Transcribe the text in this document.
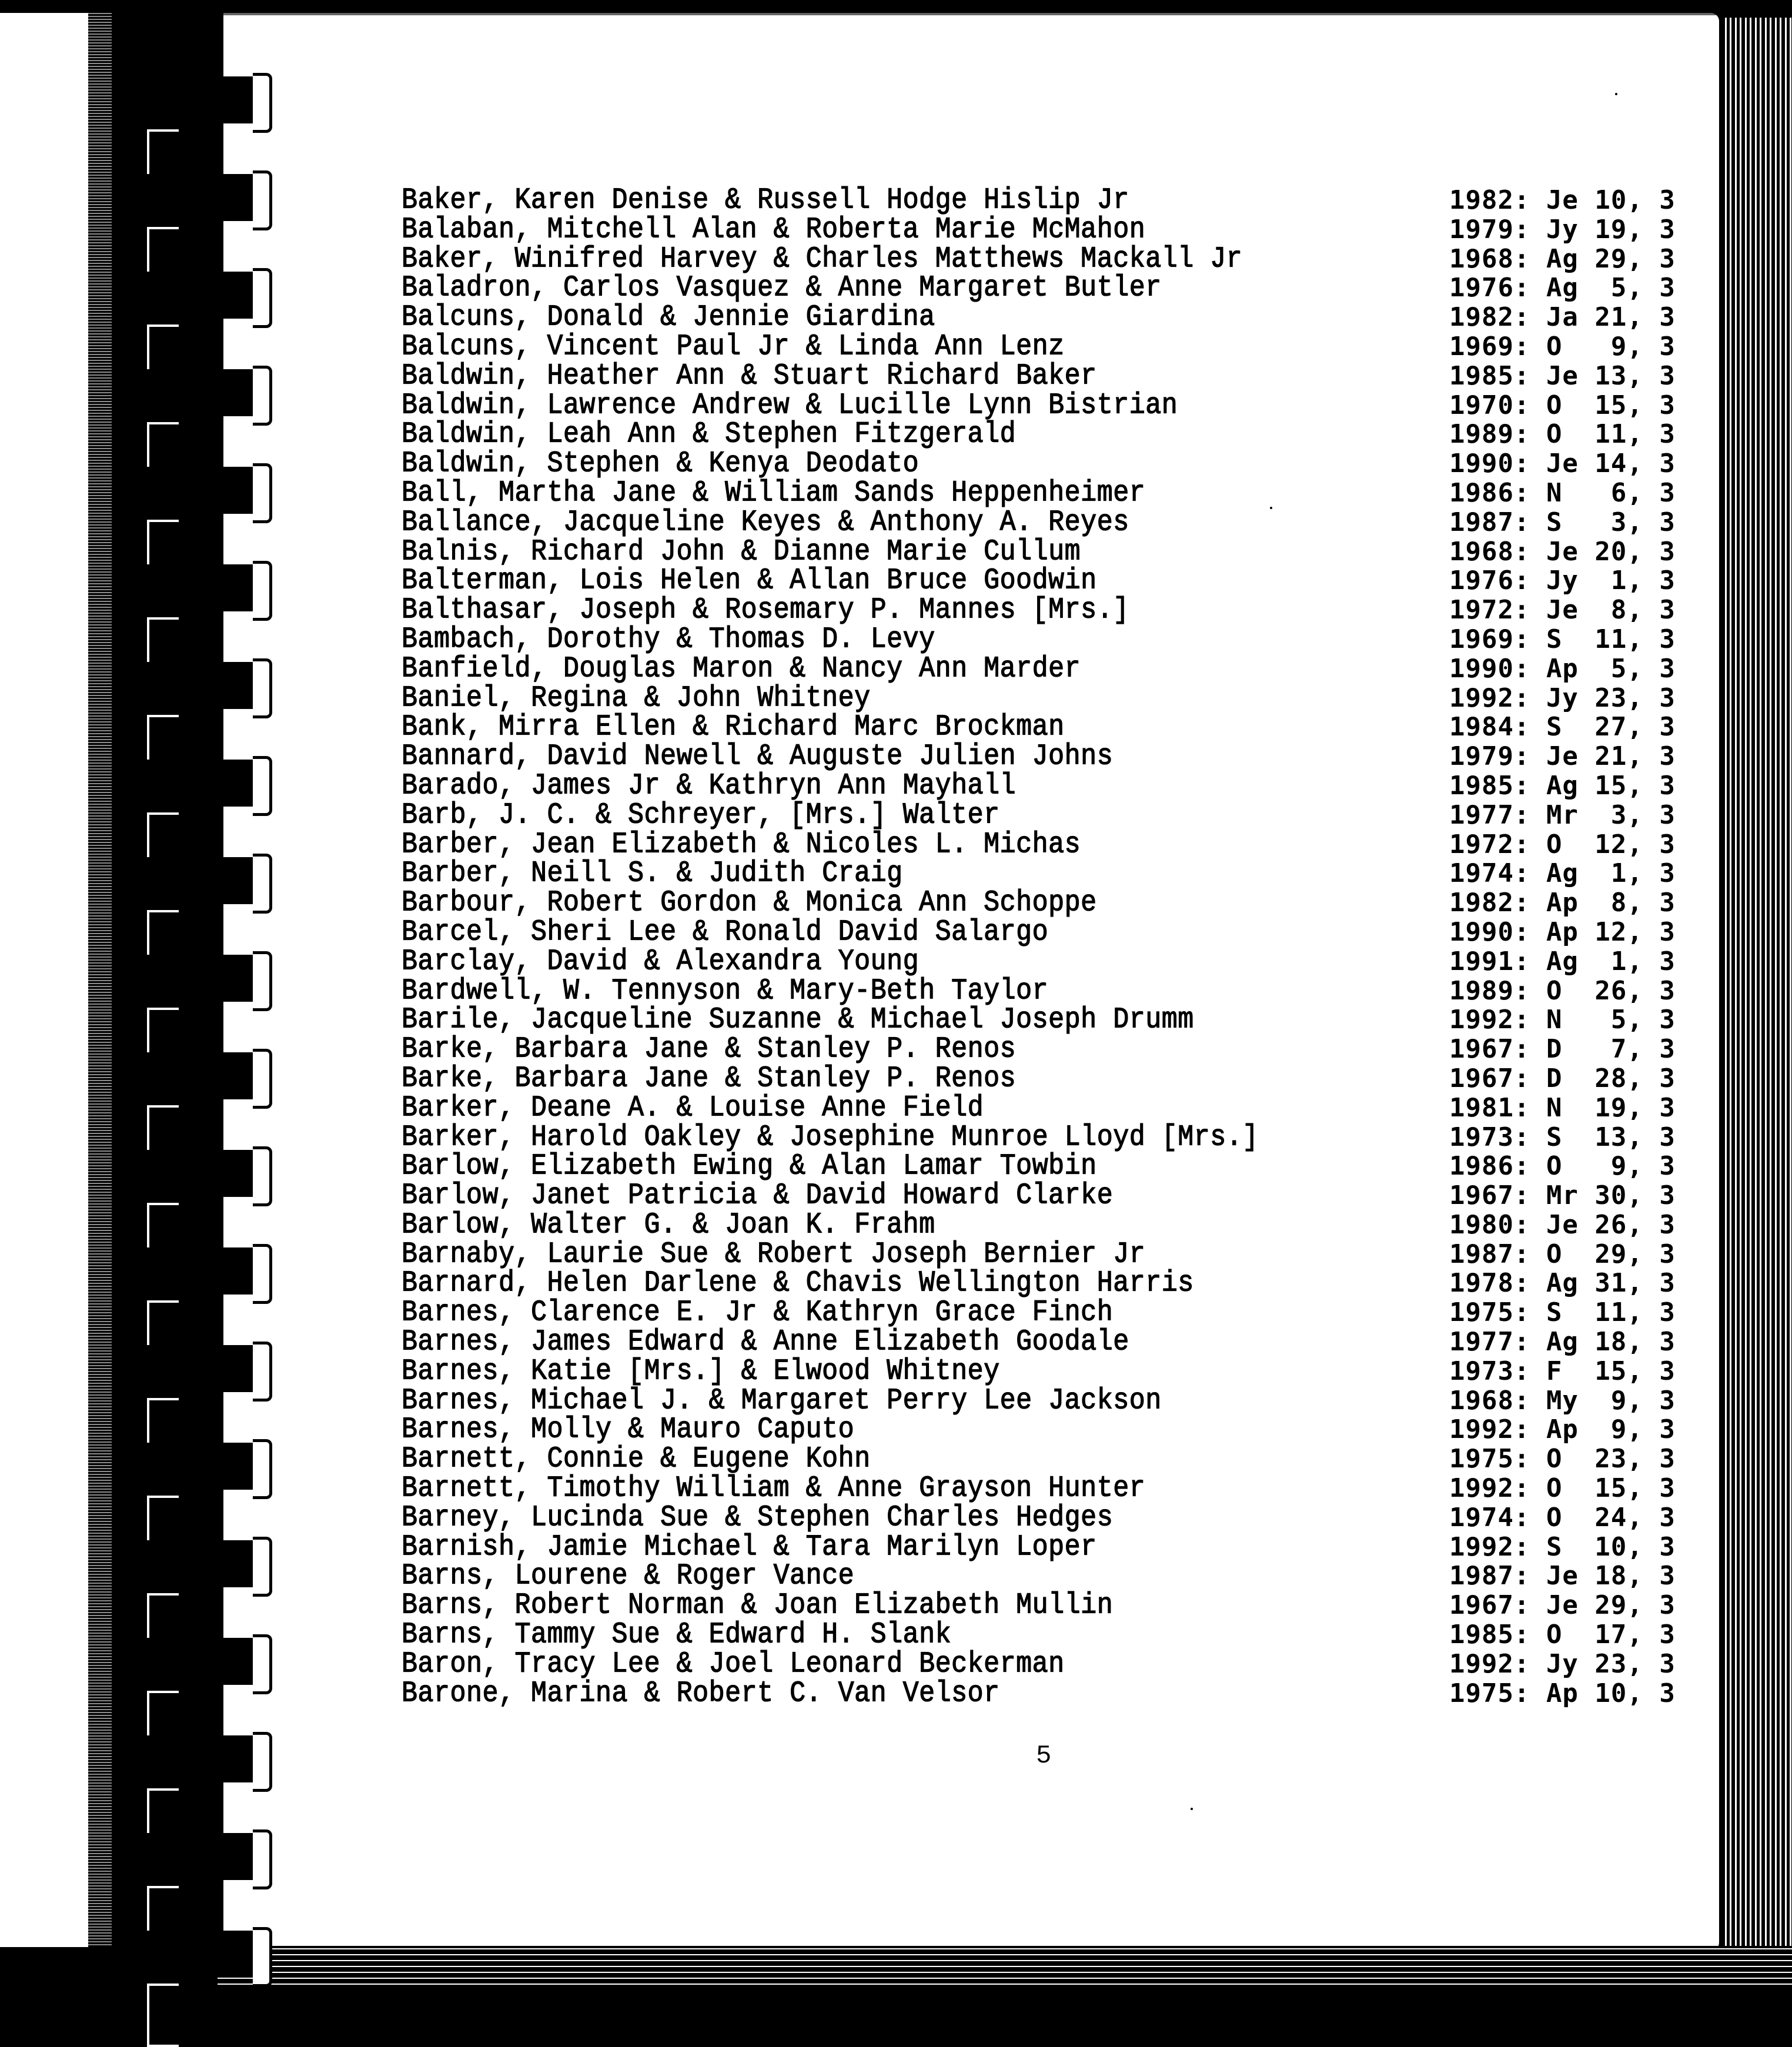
Baker, Karen Denise & Russell Hodge Hislip Jr	1982: Je 10, 3
Balaban, Mitchell Alan & Roberta Marie McMahon	1979: Jy 19, 3
Baker, Winifred Harvey & Charles Matthews Mackall Jr	1968: Ag 29, 3
Baladron, Carlos Vasquez & Anne Margaret Butler	1976: Ag  5, 3
Balcuns, Donald & Jennie Giardina	1982: Ja 21, 3
Balcuns, Vincent Paul Jr & Linda Ann Lenz	1969: O   9, 3
Baldwin, Heather Ann & Stuart Richard Baker	1985: Je 13, 3
Baldwin, Lawrence Andrew & Lucille Lynn Bistrian	1970: O  15, 3
Baldwin, Leah Ann & Stephen Fitzgerald	1989: O  11, 3
Baldwin, Stephen & Kenya Deodato	1990: Je 14, 3
Ball, Martha Jane & William Sands Heppenheimer	1986: N   6, 3
Ballance, Jacqueline Keyes & Anthony A. Reyes	1987: S   3, 3
Balnis, Richard John & Dianne Marie Cullum	1968: Je 20, 3
Balterman, Lois Helen & Allan Bruce Goodwin	1976: Jy  1, 3
Balthasar, Joseph & Rosemary P. Mannes [Mrs.]	1972: Je  8, 3
Bambach, Dorothy & Thomas D. Levy	1969: S  11, 3
Banfield, Douglas Maron & Nancy Ann Marder	1990: Ap  5, 3
Baniel, Regina & John Whitney	1992: Jy 23, 3
Bank, Mirra Ellen & Richard Marc Brockman	1984: S  27, 3
Bannard, David Newell & Auguste Julien Johns	1979: Je 21, 3
Barado, James Jr & Kathryn Ann Mayhall	1985: Ag 15, 3
Barb, J. C. & Schreyer, [Mrs.] Walter	1977: Mr  3, 3
Barber, Jean Elizabeth & Nicoles L. Michas	1972: O  12, 3
Barber, Neill S. & Judith Craig	1974: Ag  1, 3
Barbour, Robert Gordon & Monica Ann Schoppe	1982: Ap  8, 3
Barcel, Sheri Lee & Ronald David Salargo	1990: Ap 12, 3
Barclay, David & Alexandra Young	1991: Ag  1, 3
Bardwell, W. Tennyson & Mary-Beth Taylor	1989: O  26, 3
Barile, Jacqueline Suzanne & Michael Joseph Drumm	1992: N   5, 3
Barke, Barbara Jane & Stanley P. Renos	1967: D   7, 3
Barke, Barbara Jane & Stanley P. Renos	1967: D  28, 3
Barker, Deane A. & Louise Anne Field	1981: N  19, 3
Barker, Harold Oakley & Josephine Munroe Lloyd [Mrs.]	1973: S  13, 3
Barlow, Elizabeth Ewing & Alan Lamar Towbin	1986: O   9, 3
Barlow, Janet Patricia & David Howard Clarke	1967: Mr 30, 3
Barlow, Walter G. & Joan K. Frahm	1980: Je 26, 3
Barnaby, Laurie Sue & Robert Joseph Bernier Jr	1987: O  29, 3
Barnard, Helen Darlene & Chavis Wellington Harris	1978: Ag 31, 3
Barnes, Clarence E. Jr & Kathryn Grace Finch	1975: S  11, 3
Barnes, James Edward & Anne Elizabeth Goodale	1977: Ag 18, 3
Barnes, Katie [Mrs.] & Elwood Whitney	1973: F  15, 3
Barnes, Michael J. & Margaret Perry Lee Jackson	1968: My  9, 3
Barnes, Molly & Mauro Caputo	1992: Ap  9, 3
Barnett, Connie & Eugene Kohn	1975: O  23, 3
Barnett, Timothy William & Anne Grayson Hunter	1992: O  15, 3
Barney, Lucinda Sue & Stephen Charles Hedges	1974: O  24, 3
Barnish, Jamie Michael & Tara Marilyn Loper	1992: S  10, 3
Barns, Lourene & Roger Vance	1987: Je 18, 3
Barns, Robert Norman & Joan Elizabeth Mullin	1967: Je 29, 3
Barns, Tammy Sue & Edward H. Slank	1985: O  17, 3
Baron, Tracy Lee & Joel Leonard Beckerman	1992: Jy 23, 3
Barone, Marina & Robert C. Van Velsor	1975: Ap 10, 3
5
